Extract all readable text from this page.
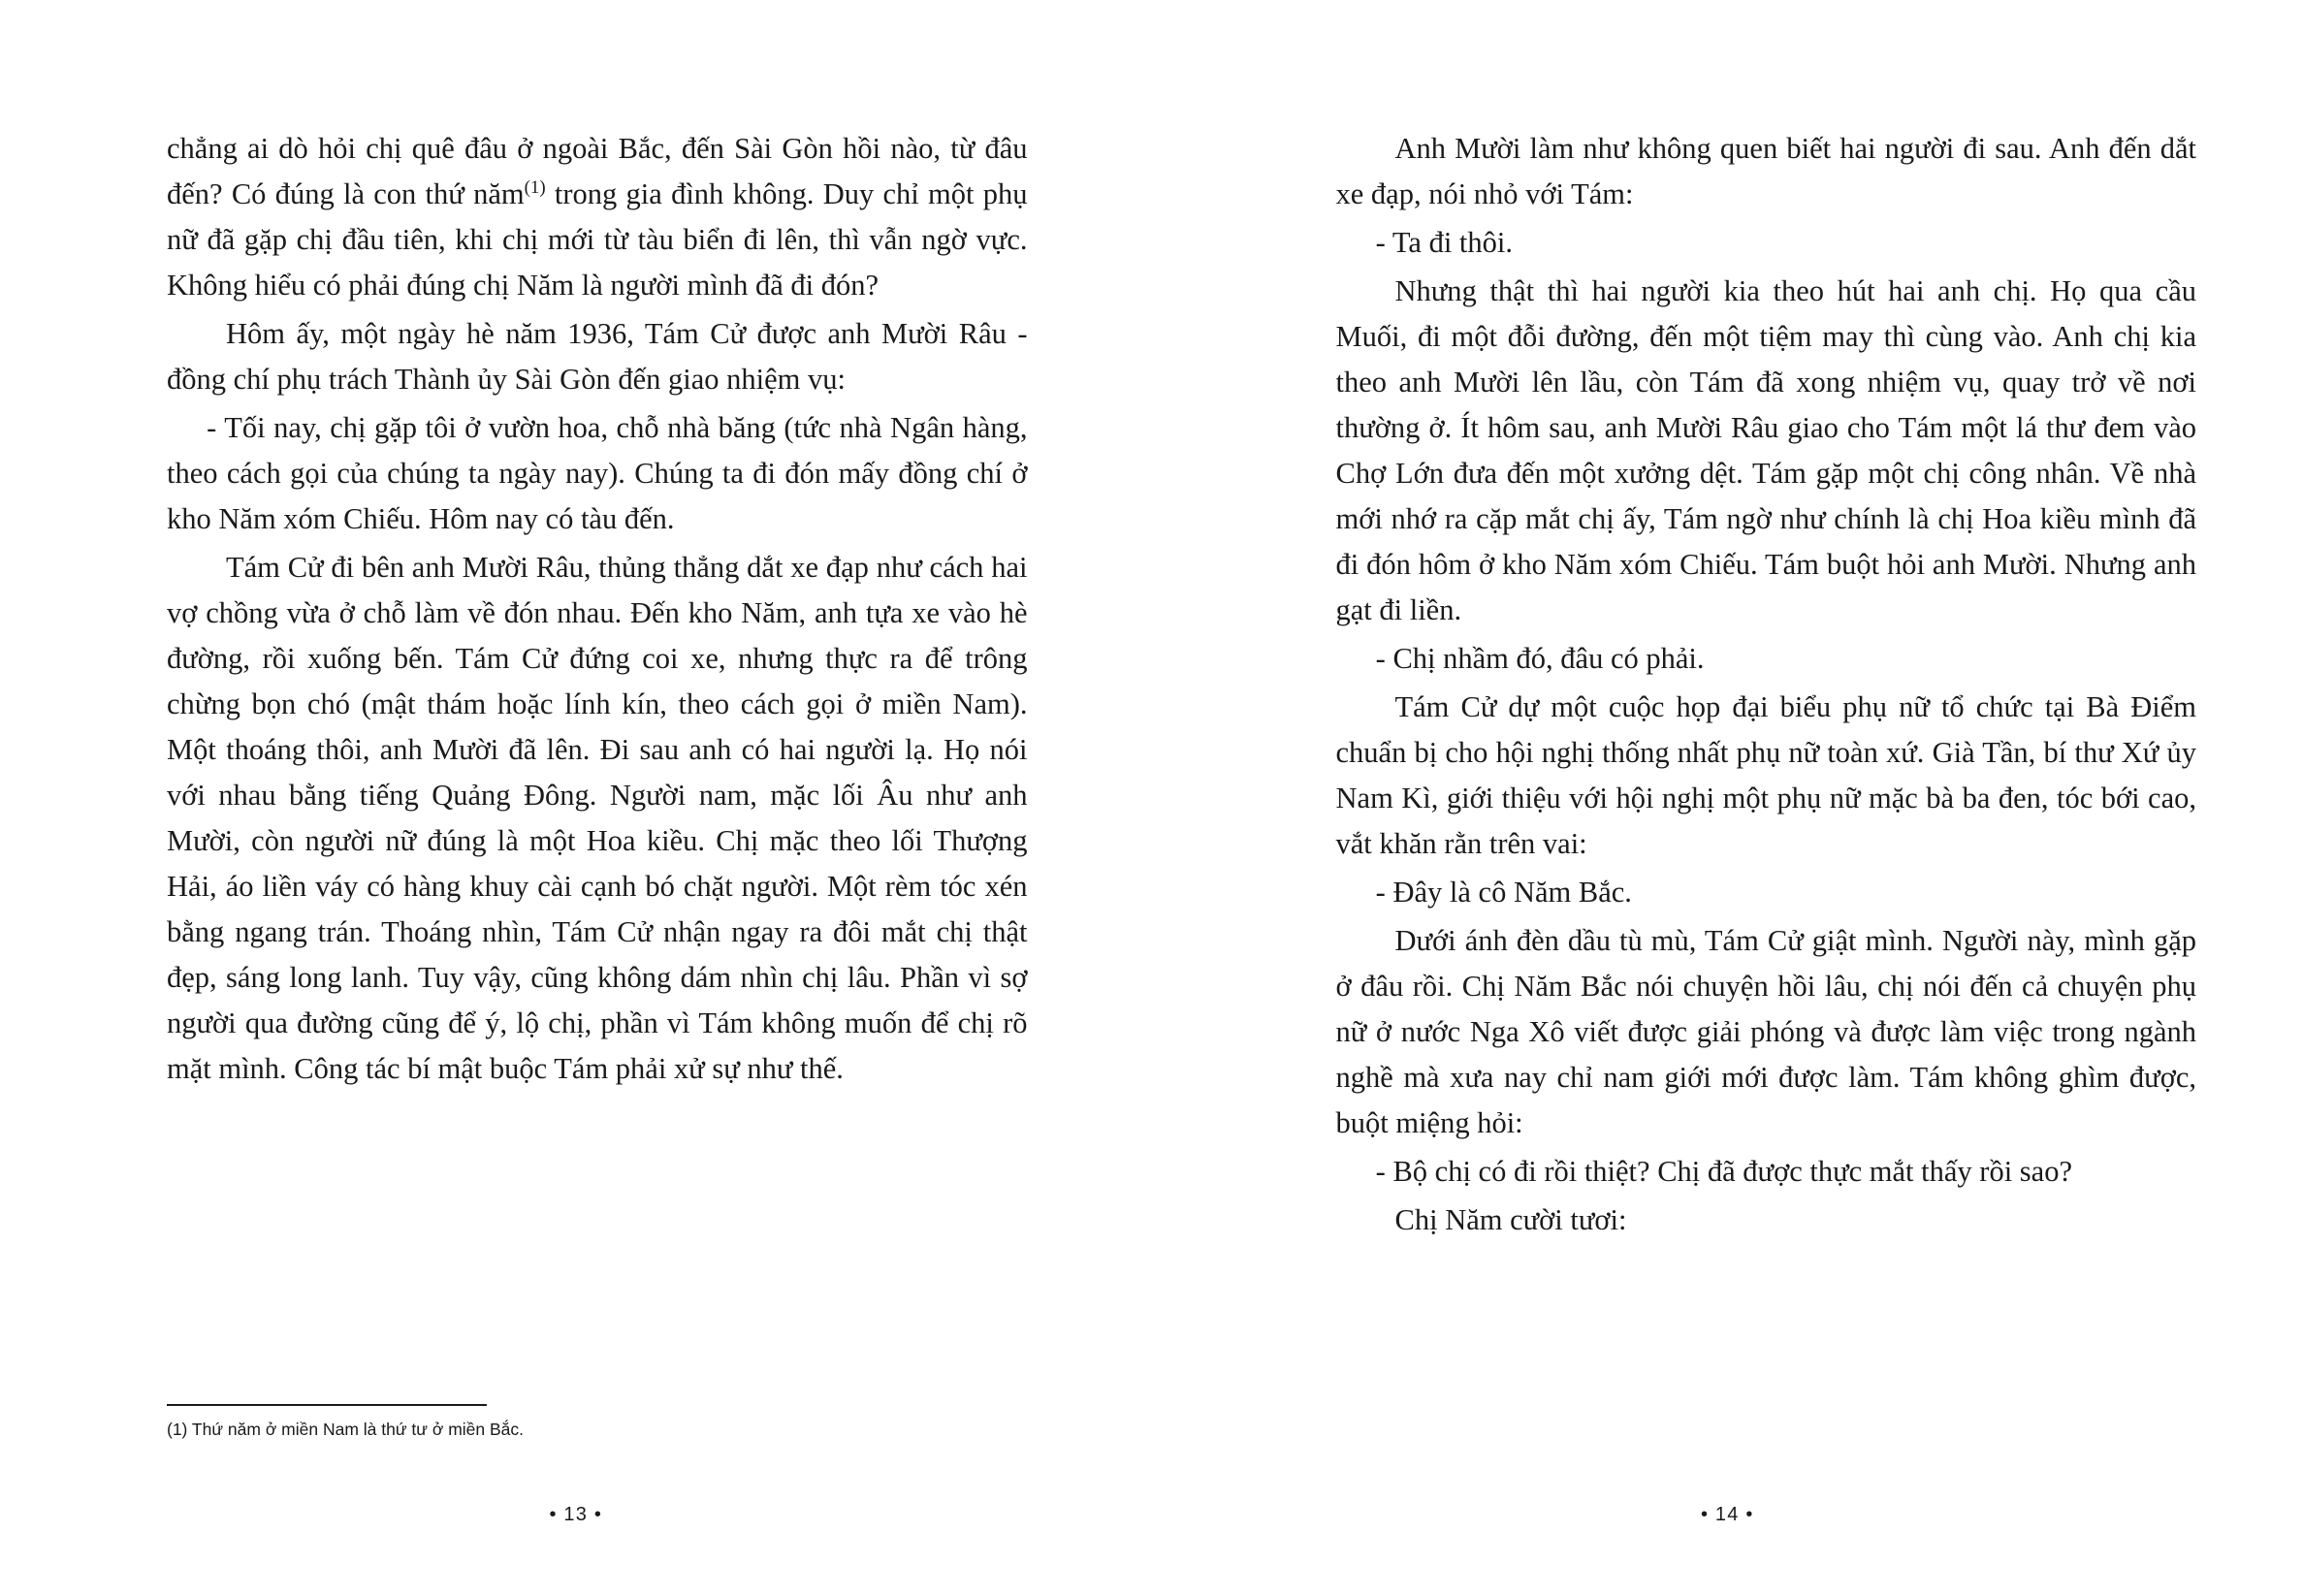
chẳng ai dò hỏi chị quê đâu ở ngoài Bắc, đến Sài Gòn hồi nào, từ đâu đến? Có đúng là con thứ năm$^{(1)}$ trong gia đình không. Duy chỉ một phụ nữ đã gặp chị đầu tiên, khi chị mới từ tàu biển đi lên, thì vẫn ngờ vực. Không hiểu có phải đúng chị Năm là người mình đã đi đón?

Hôm ấy, một ngày hè năm 1936, Tám Cử được anh Mười Râu - đồng chí phụ trách Thành ủy Sài Gòn đến giao nhiệm vụ:

- Tối nay, chị gặp tôi ở vườn hoa, chỗ nhà băng (tức nhà Ngân hàng, theo cách gọi của chúng ta ngày nay). Chúng ta đi đón mấy đồng chí ở kho Năm xóm Chiếu. Hôm nay có tàu đến.

Tám Cử đi bên anh Mười Râu, thủng thẳng dắt xe đạp như cách hai vợ chồng vừa ở chỗ làm về đón nhau. Đến kho Năm, anh tựa xe vào hè đường, rồi xuống bến. Tám Cử đứng coi xe, nhưng thực ra để trông chừng bọn chó (mật thám hoặc lính kín, theo cách gọi ở miền Nam). Một thoáng thôi, anh Mười đã lên. Đi sau anh có hai người lạ. Họ nói với nhau bằng tiếng Quảng Đông. Người nam, mặc lối Âu như anh Mười, còn người nữ đúng là một Hoa kiều. Chị mặc theo lối Thượng Hải, áo liền váy có hàng khuy cài cạnh bó chặt người. Một rèm tóc xén bằng ngang trán. Thoáng nhìn, Tám Cử nhận ngay ra đôi mắt chị thật đẹp, sáng long lanh. Tuy vậy, cũng không dám nhìn chị lâu. Phần vì sợ người qua đường cũng để ý, lộ chị, phần vì Tám không muốn để chị rõ mặt mình. Công tác bí mật buộc Tám phải xử sự như thế.

(1) Thứ năm ở miền Nam là thứ tư ở miền Bắc.

• 13 •

Anh Mười làm như không quen biết hai người đi sau. Anh đến dắt xe đạp, nói nhỏ với Tám:

- Ta đi thôi.

Nhưng thật thì hai người kia theo hút hai anh chị. Họ qua cầu Muối, đi một đỗi đường, đến một tiệm may thì cùng vào. Anh chị kia theo anh Mười lên lầu, còn Tám đã xong nhiệm vụ, quay trở về nơi thường ở. Ít hôm sau, anh Mười Râu giao cho Tám một lá thư đem vào Chợ Lớn đưa đến một xưởng dệt. Tám gặp một chị công nhân. Về nhà mới nhớ ra cặp mắt chị ấy, Tám ngờ như chính là chị Hoa kiều mình đã đi đón hôm ở kho Năm xóm Chiếu. Tám buột hỏi anh Mười. Nhưng anh gạt đi liền.

- Chị nhầm đó, đâu có phải.

Tám Cử dự một cuộc họp đại biểu phụ nữ tổ chức tại Bà Điểm chuẩn bị cho hội nghị thống nhất phụ nữ toàn xứ. Già Tần, bí thư Xứ ủy Nam Kì, giới thiệu với hội nghị một phụ nữ mặc bà ba đen, tóc bới cao, vắt khăn rằn trên vai:

- Đây là cô Năm Bắc.

Dưới ánh đèn dầu tù mù, Tám Cử giật mình. Người này, mình gặp ở đâu rồi. Chị Năm Bắc nói chuyện hồi lâu, chị nói đến cả chuyện phụ nữ ở nước Nga Xô viết được giải phóng và được làm việc trong ngành nghề mà xưa nay chỉ nam giới mới được làm. Tám không ghìm được, buột miệng hỏi:

- Bộ chị có đi rồi thiệt? Chị đã được thực mắt thấy rồi sao?

Chị Năm cười tươi:

• 14 •
